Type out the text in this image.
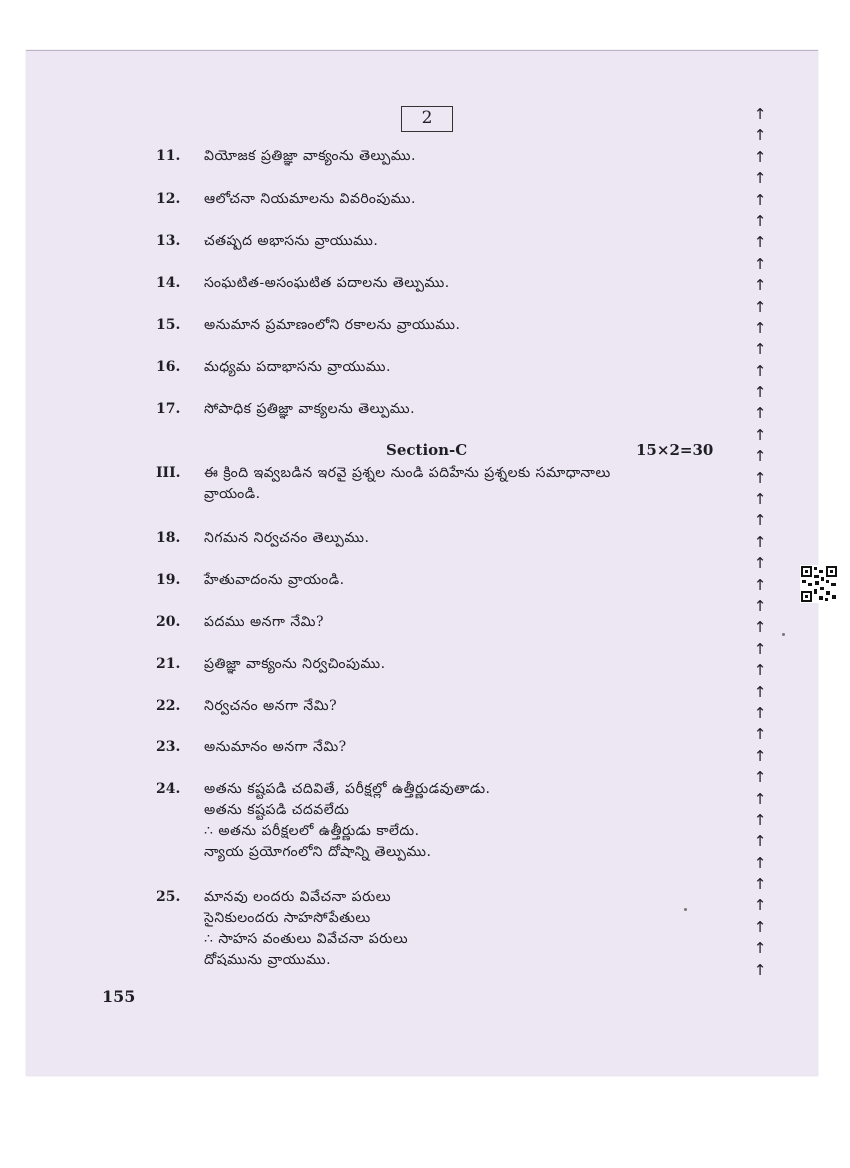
2
11. వియోజక ప్రతిజ్ఞా వాక్యంను తెల్పుము.
12. ఆలోచనా నియమాలను వివరింపుము.
13. చతష్పద అభాసను వ్రాయుము.
14. సంఘటిత-అసంఘటిత పదాలను తెల్పుము.
15. అనుమాన ప్రమాణంలోని రకాలను వ్రాయుము.
16. మధ్యమ పదాభాసను వ్రాయుము.
17. సోపాధిక ప్రతిజ్ఞా వాక్యలను తెల్పుము.
Section-C	15×2=30
III. ఈ క్రింది ఇవ్వబడిన ఇరవై ప్రశ్నల నుండి పదిహేను ప్రశ్నలకు సమాధానాలు
వ్రాయండి.
18. నిగమన నిర్వచనం తెల్పుము.
19. హేతువాదంను వ్రాయండి.
20. పదము అనగా నేమి?
21. ప్రతిజ్ఞా వాక్యంను నిర్వచింపుము.
22. నిర్వచనం అనగా నేమి?
23. అనుమానం అనగా నేమి?
24. అతను కష్టపడి చదివితే, పరీక్షల్లో ఉత్తీర్ణుడవుతాడు.
అతను కష్టపడి చదవలేదు
∴ అతను పరీక్షలలో ఉత్తీర్ణుడు కాలేదు.
న్యాయ ప్రయోగంలోని దోషాన్ని తెల్పుము.
25. మానవు లందరు వివేచనా పరులు
సైనికులందరు సాహసోపేతులు
∴ సాహస వంతులు వివేచనా పరులు
దోషమును వ్రాయుము.
155
↑
↑
↑
↑
↑
↑
↑
↑
↑
↑
↑
↑
↑
↑
↑
↑
↑
↑
↑
↑
↑
↑
↑
↑
↑
↑
↑
↑
↑
↑
↑
↑
↑
↑
↑
↑
↑
↑
↑
↑
↑
